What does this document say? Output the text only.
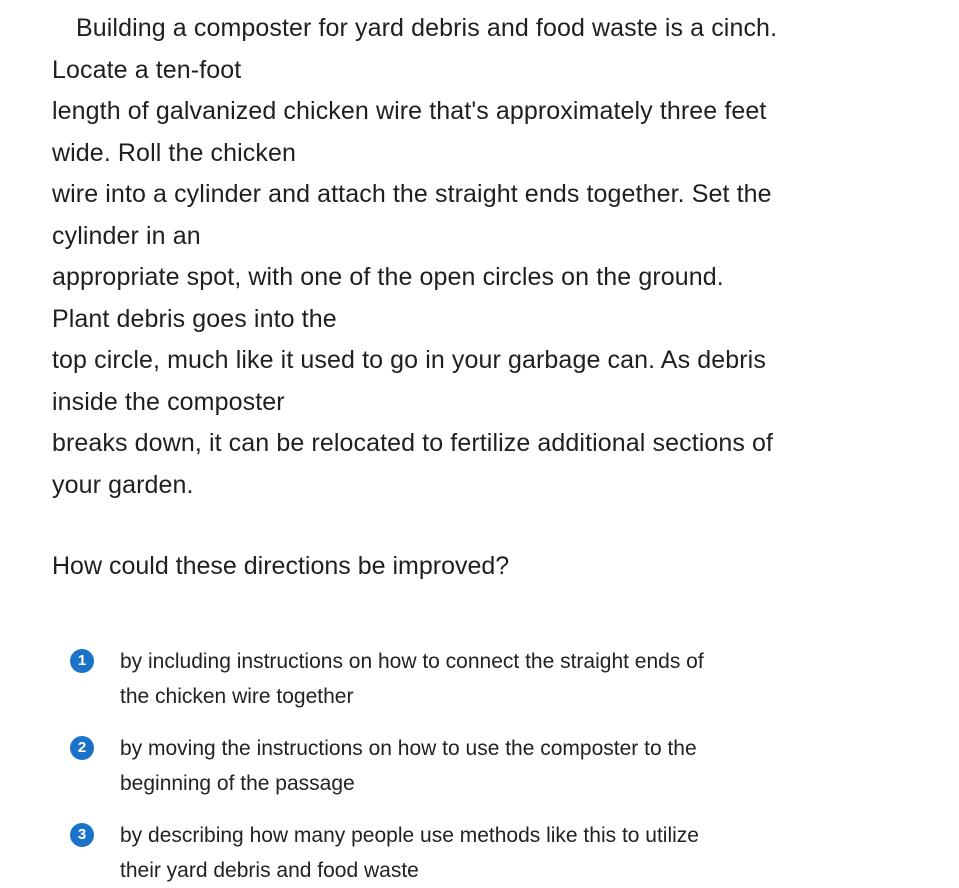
Building a composter for yard debris and food waste is a cinch.
Locate a ten-foot
length of galvanized chicken wire that's approximately three feet
wide. Roll the chicken
wire into a cylinder and attach the straight ends together. Set the
cylinder in an
appropriate spot, with one of the open circles on the ground.
Plant debris goes into the
top circle, much like it used to go in your garbage can. As debris
inside the composter
breaks down, it can be relocated to fertilize additional sections of
your garden.

How could these directions be improved?

1	by including instructions on how to connect the straight ends of
the chicken wire together
2	by moving the instructions on how to use the composter to the
beginning of the passage
3	by describing how many people use methods like this to utilize
their yard debris and food waste
